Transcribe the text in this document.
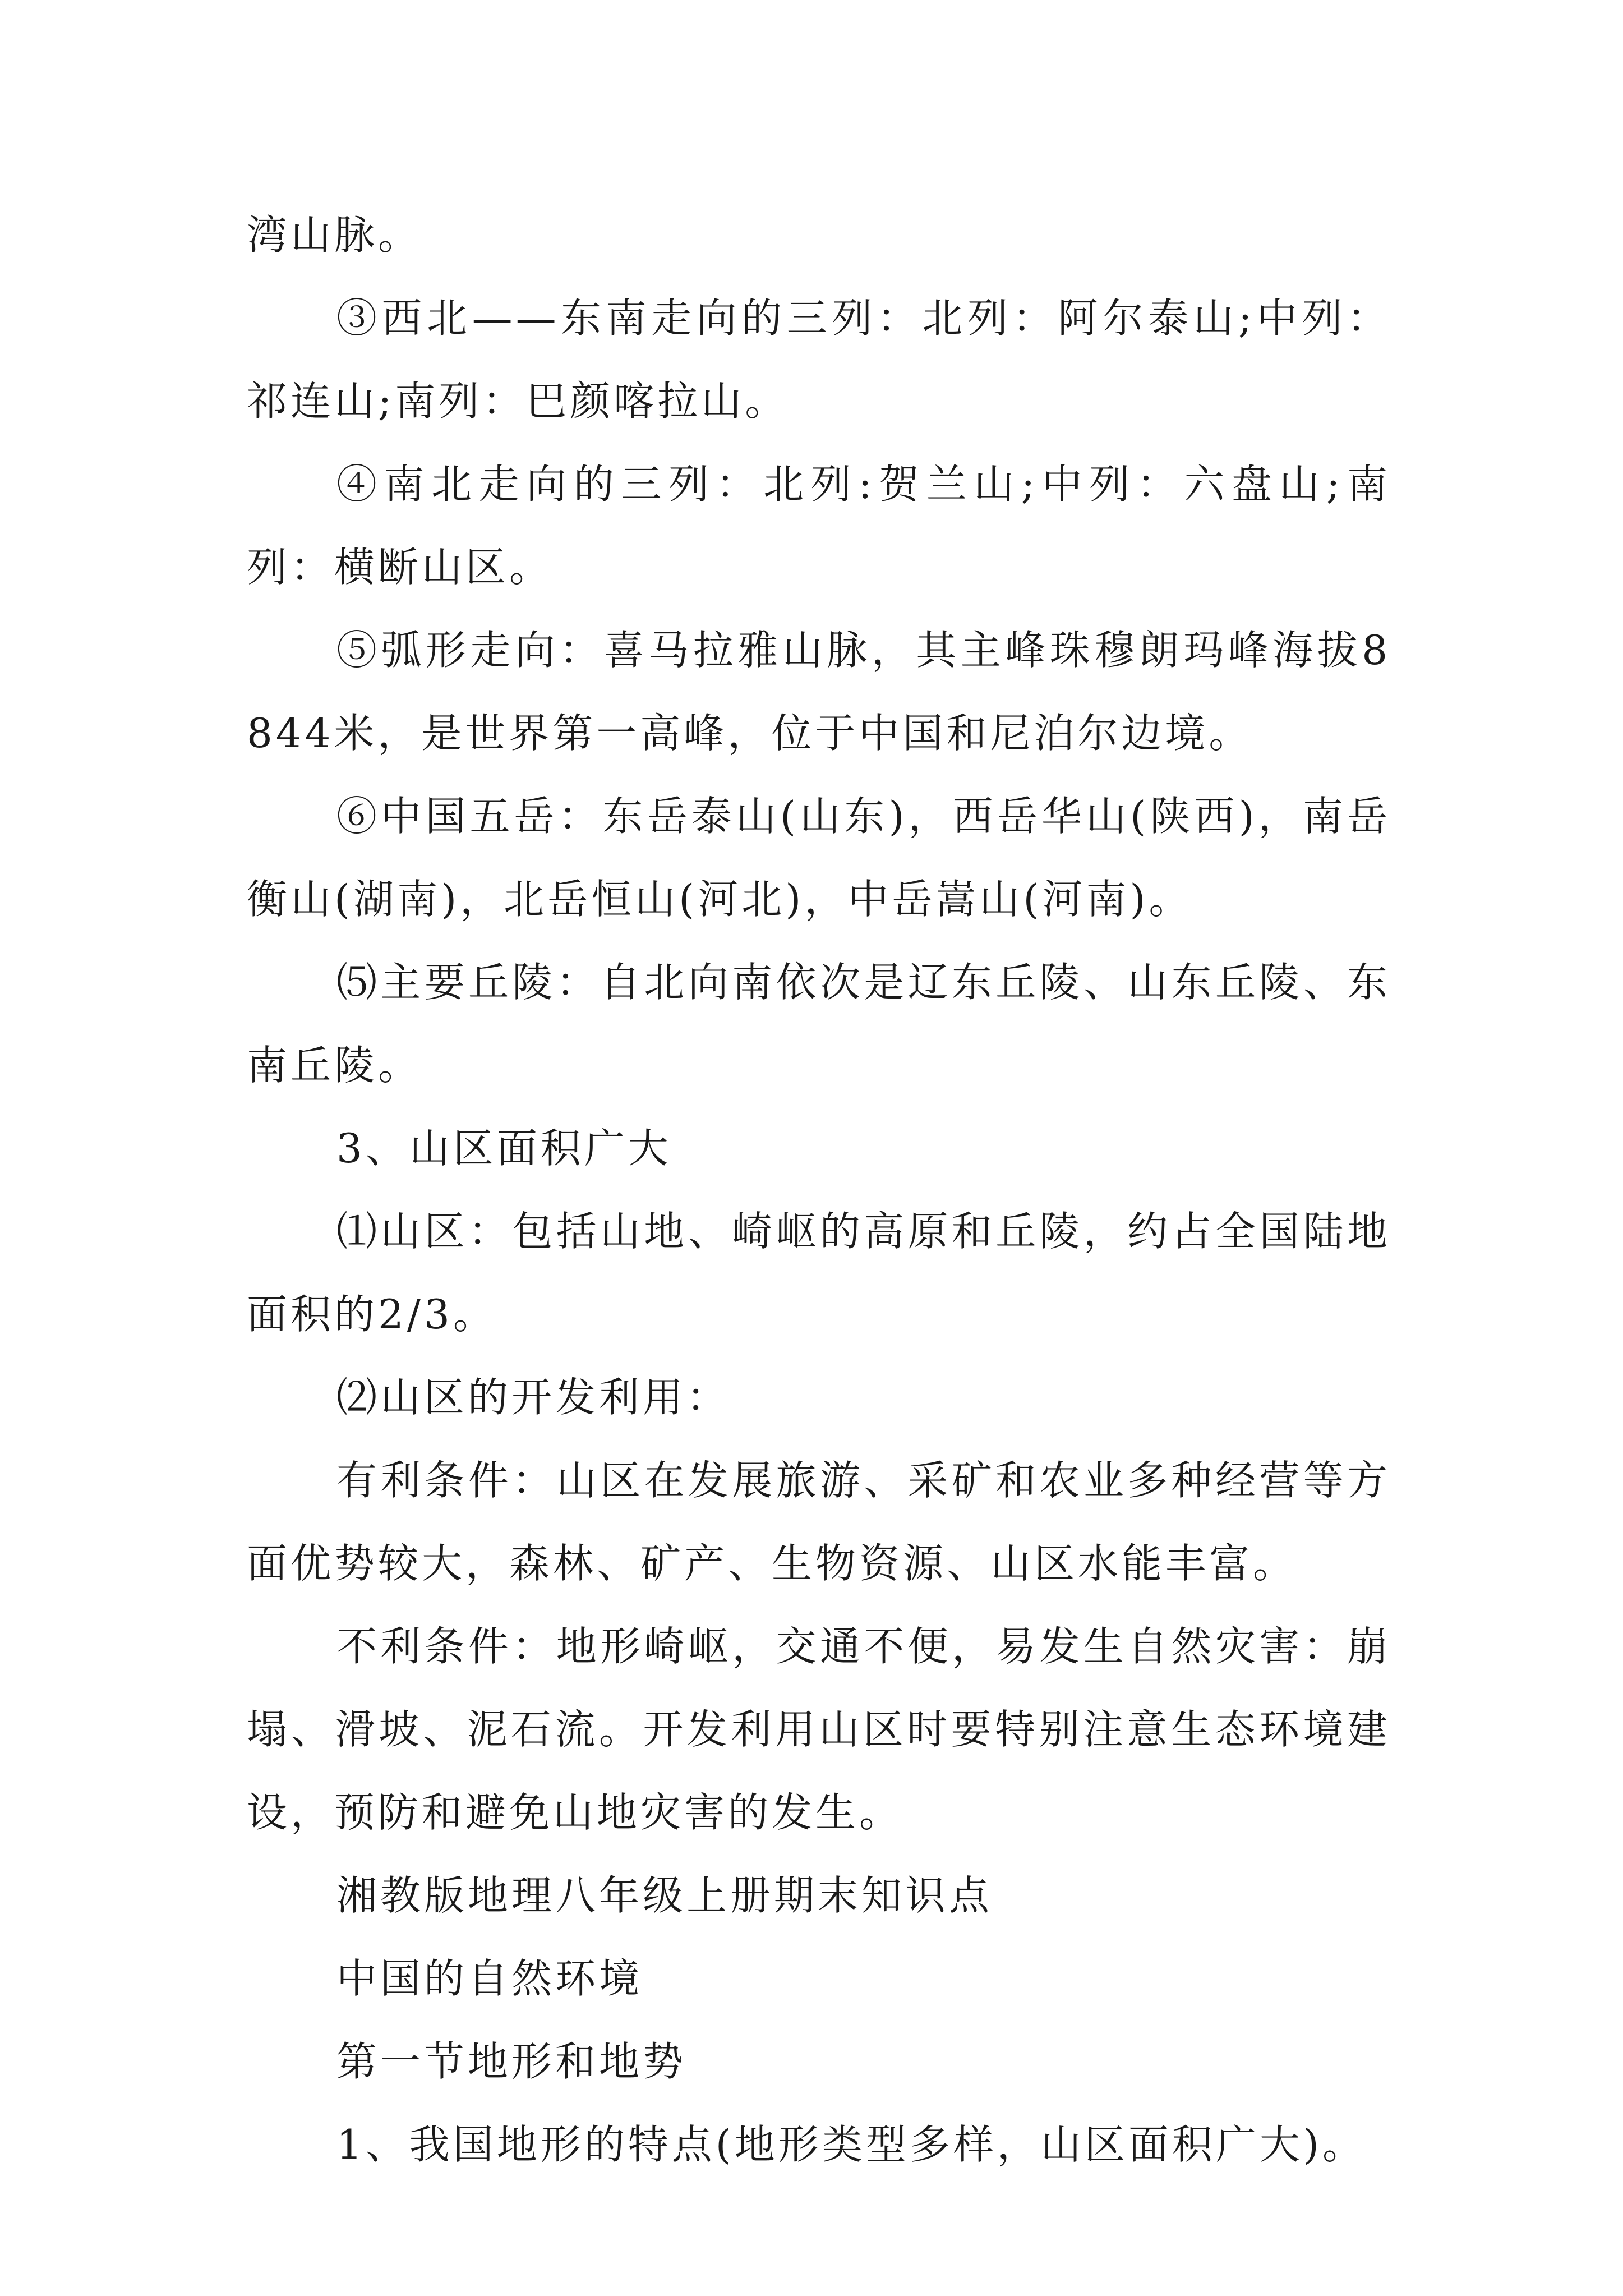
湾山脉。

③西北——东南走向的三列：北列：阿尔泰山;中列：祁连山;南列：巴颜喀拉山。

④南北走向的三列：北列:贺兰山;中列：六盘山;南列：横断山区。

⑤弧形走向：喜马拉雅山脉，其主峰珠穆朗玛峰海拔8844米，是世界第一高峰，位于中国和尼泊尔边境。

⑥中国五岳：东岳泰山(山东)，西岳华山(陕西)，南岳衡山(湖南)，北岳恒山(河北)，中岳嵩山(河南)。

⑸主要丘陵：自北向南依次是辽东丘陵、山东丘陵、东南丘陵。

3、山区面积广大

⑴山区：包括山地、崎岖的高原和丘陵，约占全国陆地面积的2/3。

⑵山区的开发利用：

有利条件：山区在发展旅游、采矿和农业多种经营等方面优势较大，森林、矿产、生物资源、山区水能丰富。

不利条件：地形崎岖，交通不便，易发生自然灾害：崩塌、滑坡、泥石流。开发利用山区时要特别注意生态环境建设，预防和避免山地灾害的发生。

湘教版地理八年级上册期末知识点

中国的自然环境

第一节地形和地势

1、我国地形的特点(地形类型多样，山区面积广大)。
